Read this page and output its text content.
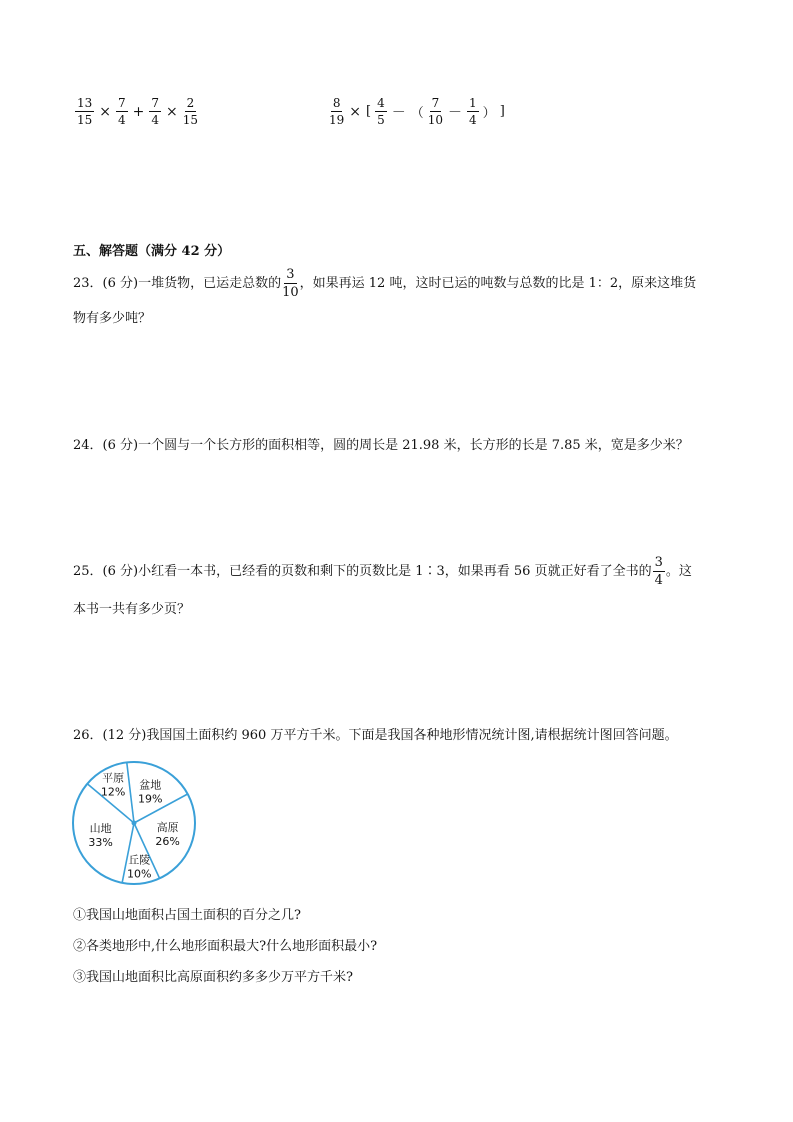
$\frac{13}{15} \times \frac{7}{4} + \frac{7}{4} \times \frac{2}{15}$	$\frac{8}{19}$ × [ $\frac{4}{5}$ － （ $\frac{7}{10} - \frac{1}{4}$ ） ]
五、解答题（满分 42 分）
23．(6 分)一堆货物，已运走总数的 $\frac{3}{10}$ ，如果再运 12 吨，这时已运的吨数与总数的比是 1：2，原来这堆货
物有多少吨？
24．(6 分)一个圆与一个长方形的面积相等，圆的周长是 21.98 米，长方形的长是 7.85 米，宽是多少米？
25．(6 分)小红看一本书，已经看的页数和剩下的页数比是 1∶3，如果再看 56 页就正好看了全书的 $\frac{3}{4}$ 。这
本书一共有多少页？
26．(12 分)我国国土面积约 960 万平方千米。下面是我国各种地形情况统计图,请根据统计图回答问题。
平原
12%
盆地
19%
高原
26%
丘陵
10%
山地
33%
①我国山地面积占国土面积的百分之几?
②各类地形中,什么地形面积最大?什么地形面积最小?
③我国山地面积比高原面积约多多少万平方千米?
